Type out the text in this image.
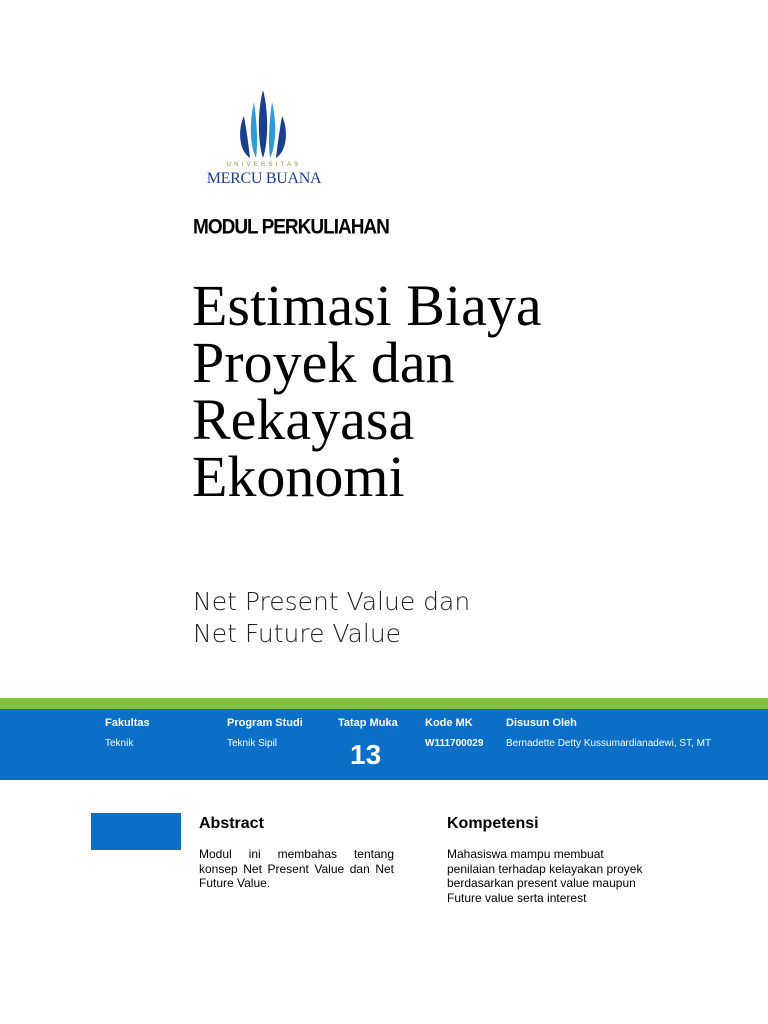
UNIVERSITAS
MERCU BUANA
MODUL PERKULIAHAN
Estimasi Biaya
Proyek dan
Rekayasa
Ekonomi
Net Present Value dan
Net Future Value
Fakultas
Teknik
Program Studi
Teknik Sipil
Tatap Muka
13
Kode MK
W111700029
Disusun Oleh
Bernadette Detty Kussumardianadewi, ST, MT
Abstract
Modul ini membahas tentang konsep Net Present Value dan Net Future Value.
Kompetensi
Mahasiswa mampu membuat
penilaian terhadap kelayakan proyek
berdasarkan present value maupun
Future value serta interest
